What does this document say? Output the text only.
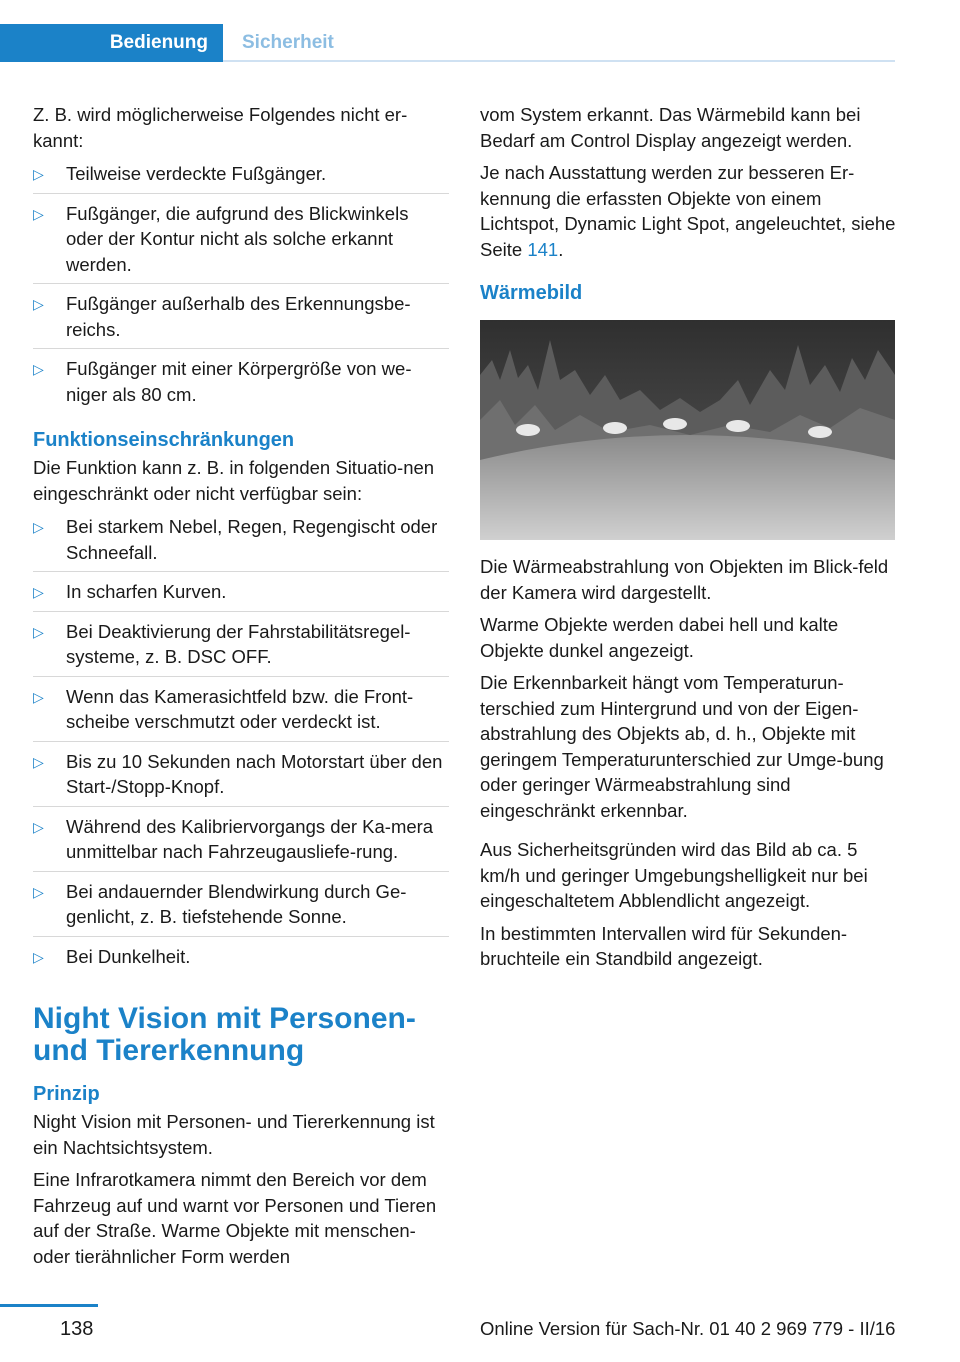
Bedienung	Sicherheit

Z. B. wird möglicherweise Folgendes nicht er‐kannt:

▷ Teilweise verdeckte Fußgänger.
▷ Fußgänger, die aufgrund des Blickwinkels oder der Kontur nicht als solche erkannt werden.
▷ Fußgänger außerhalb des Erkennungsbe‐reichs.
▷ Fußgänger mit einer Körpergröße von we‐niger als 80 cm.
Funktionseinschränkungen

Die Funktion kann z. B. in folgenden Situatio‐nen eingeschränkt oder nicht verfügbar sein:

▷ Bei starkem Nebel, Regen, Regengischt oder Schneefall.
▷ In scharfen Kurven.
▷ Bei Deaktivierung der Fahrstabilitätsregel‐systeme, z. B. DSC OFF.
▷ Wenn das Kamerasichtfeld bzw. die Front‐scheibe verschmutzt oder verdeckt ist.
▷ Bis zu 10 Sekunden nach Motorstart über den Start-/Stopp-Knopf.
▷ Während des Kalibriervorgangs der Ka‐mera unmittelbar nach Fahrzeugausliefe‐rung.
▷ Bei andauernder Blendwirkung durch Ge‐genlicht, z. B. tiefstehende Sonne.
▷ Bei Dunkelheit.
Night Vision mit Personen- und Tiererkennung
Prinzip

Night Vision mit Personen- und Tiererkennung ist ein Nachtsichtsystem.

Eine Infrarotkamera nimmt den Bereich vor dem Fahrzeug auf und warnt vor Personen und Tieren auf der Straße. Warme Objekte mit menschen- oder tierähnlicher Form werden

vom System erkannt. Das Wärmebild kann bei Bedarf am Control Display angezeigt werden.

Je nach Ausstattung werden zur besseren Er‐kennung die erfassten Objekte von einem Lichtspot, Dynamic Light Spot, angeleuchtet, siehe Seite 141.

Wärmebild

Die Wärmeabstrahlung von Objekten im Blick‐feld der Kamera wird dargestellt.

Warme Objekte werden dabei hell und kalte Objekte dunkel angezeigt.

Die Erkennbarkeit hängt vom Temperaturun‐terschied zum Hintergrund und von der Eigen‐abstrahlung des Objekts ab, d. h., Objekte mit geringem Temperaturunterschied zur Umge‐bung oder geringer Wärmeabstrahlung sind eingeschränkt erkennbar.

Aus Sicherheitsgründen wird das Bild ab ca. 5 km/h und geringer Umgebungshelligkeit nur bei eingeschaltetem Abblendlicht angezeigt.

In bestimmten Intervallen wird für Sekunden‐bruchteile ein Standbild angezeigt.

138	Online Version für Sach-Nr. 01 40 2 969 779 - II/16
